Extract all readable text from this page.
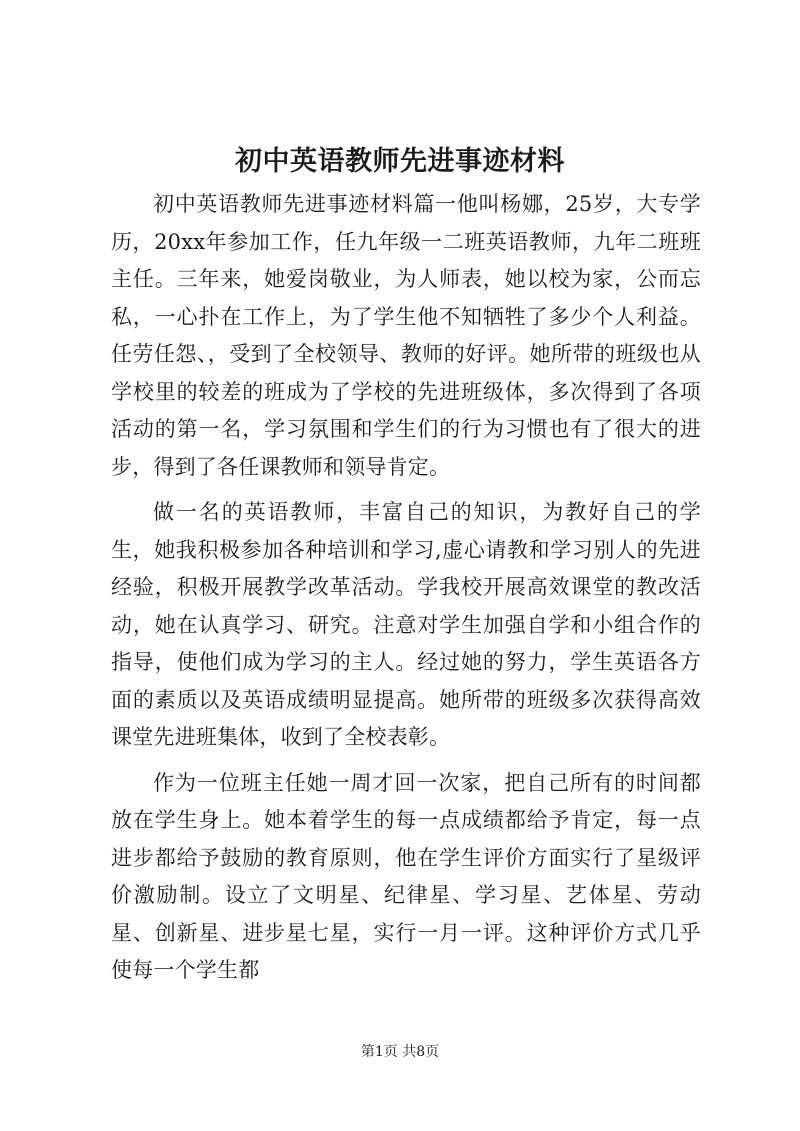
初中英语教师先进事迹材料

初中英语教师先进事迹材料篇一他叫杨娜，25岁，大专学历，20xx年参加工作，任九年级一二班英语教师，九年二班班主任。三年来，她爱岗敬业，为人师表，她以校为家，公而忘私，一心扑在工作上，为了学生他不知牺牲了多少个人利益。任劳任怨、，受到了全校领导、教师的好评。她所带的班级也从学校里的较差的班成为了学校的先进班级体，多次得到了各项活动的第一名，学习氛围和学生们的行为习惯也有了很大的进步，得到了各任课教师和领导肯定。

做一名的英语教师，丰富自己的知识，为教好自己的学生，她我积极参加各种培训和学习,虚心请教和学习别人的先进经验，积极开展教学改革活动。学我校开展高效课堂的教改活动，她在认真学习、研究。注意对学生加强自学和小组合作的指导，使他们成为学习的主人。经过她的努力，学生英语各方面的素质以及英语成绩明显提高。她所带的班级多次获得高效课堂先进班集体，收到了全校表彰。

作为一位班主任她一周才回一次家，把自己所有的时间都放在学生身上。她本着学生的每一点成绩都给予肯定，每一点进步都给予鼓励的教育原则，他在学生评价方面实行了星级评价激励制。设立了文明星、纪律星、学习星、艺体星、劳动星、创新星、进步星七星，实行一月一评。这种评价方式几乎使每一个学生都

第1页 共8页
